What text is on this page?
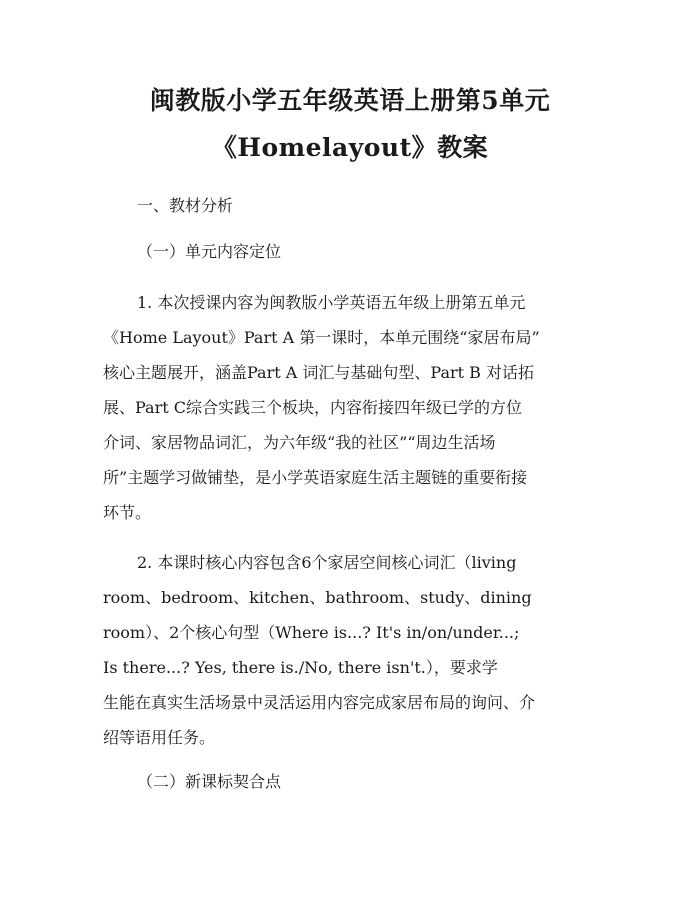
闽教版小学五年级英语上册第5单元
《Homelayout》教案
一、教材分析
（一）单元内容定位
1. 本次授课内容为闽教版小学英语五年级上册第五单元
《Home Layout》Part A 第一课时，本单元围绕“家居布局”
核心主题展开，涵盖Part A 词汇与基础句型、Part B 对话拓
展、Part C综合实践三个板块，内容衔接四年级已学的方位
介词、家居物品词汇，为六年级“我的社区”“周边生活场
所”主题学习做铺垫，是小学英语家庭生活主题链的重要衔接
环节。
2. 本课时核心内容包含6个家居空间核心词汇（living
room、bedroom、kitchen、bathroom、study、dining
room）、2个核心句型（Where is...? It's in/on/under...;
Is there...? Yes, there is./No, there isn't.），要求学
生能在真实生活场景中灵活运用内容完成家居布局的询问、介
绍等语用任务。
（二）新课标契合点
